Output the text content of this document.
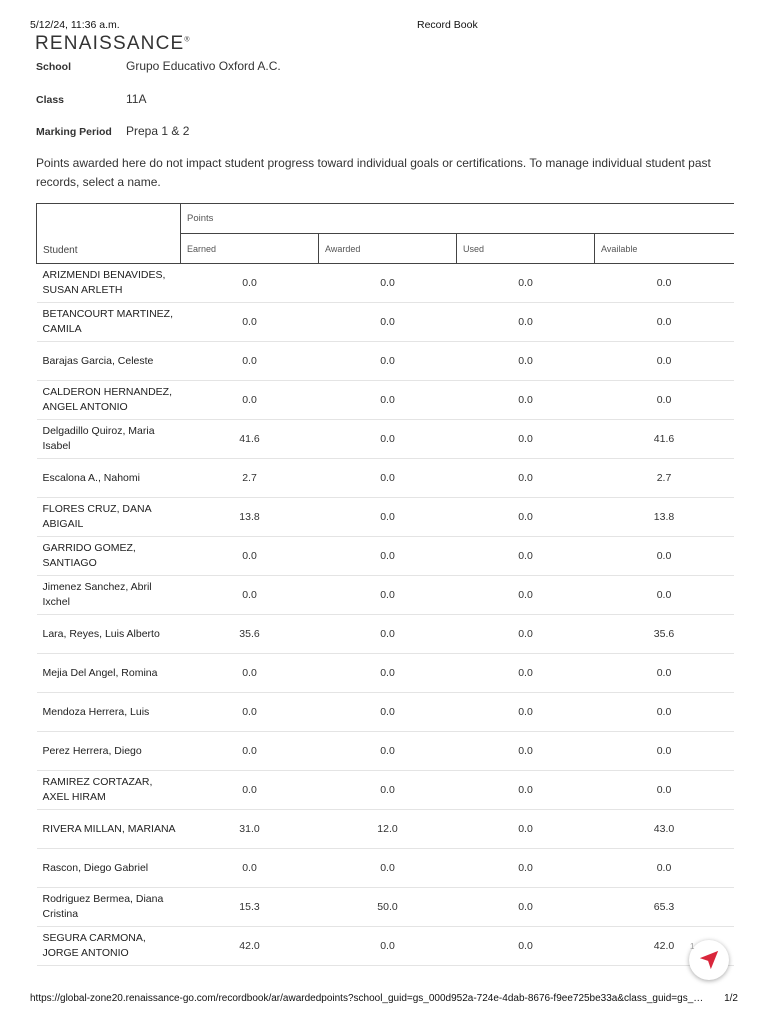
5/12/24, 11:36 a.m.	Record Book
RENAISSANCE®
School	Grupo Educativo Oxford A.C.
Class	11A
Marking Period Prepa 1 & 2
Points awarded here do not impact student progress toward individual goals or certifications. To manage individual student past records, select a name.
Student	Points			
	Earned	Awarded	Used	Available
ARIZMENDI BENAVIDES, SUSAN ARLETH	0.0	0.0	0.0	0.0
BETANCOURT MARTINEZ, CAMILA	0.0	0.0	0.0	0.0
Barajas Garcia, Celeste	0.0	0.0	0.0	0.0
CALDERON HERNANDEZ, ANGEL ANTONIO	0.0	0.0	0.0	0.0
Delgadillo Quiroz, Maria Isabel	41.6	0.0	0.0	41.6
Escalona A., Nahomi	2.7	0.0	0.0	2.7
FLORES CRUZ, DANA ABIGAIL	13.8	0.0	0.0	13.8
GARRIDO GOMEZ, SANTIAGO	0.0	0.0	0.0	0.0
Jimenez Sanchez, Abril Ixchel	0.0	0.0	0.0	0.0
Lara, Reyes, Luis Alberto	35.6	0.0	0.0	35.6
Mejia Del Angel, Romina	0.0	0.0	0.0	0.0
Mendoza Herrera, Luis	0.0	0.0	0.0	0.0
Perez Herrera, Diego	0.0	0.0	0.0	0.0
RAMIREZ CORTAZAR, AXEL HIRAM	0.0	0.0	0.0	0.0
RIVERA MILLAN, MARIANA	31.0	12.0	0.0	43.0
Rascon, Diego Gabriel	0.0	0.0	0.0	0.0
Rodriguez Bermea, Diana Cristina	15.3	50.0	0.0	65.3
SEGURA CARMONA, JORGE ANTONIO	42.0	0.0	0.0	42.0
https://global-zone20.renaissance-go.com/recordbook/ar/awardedpoints?school_guid=gs_000d952a-724e-4dab-8676-f9ee725be33a&class_guid=gs_…	1/2
1
